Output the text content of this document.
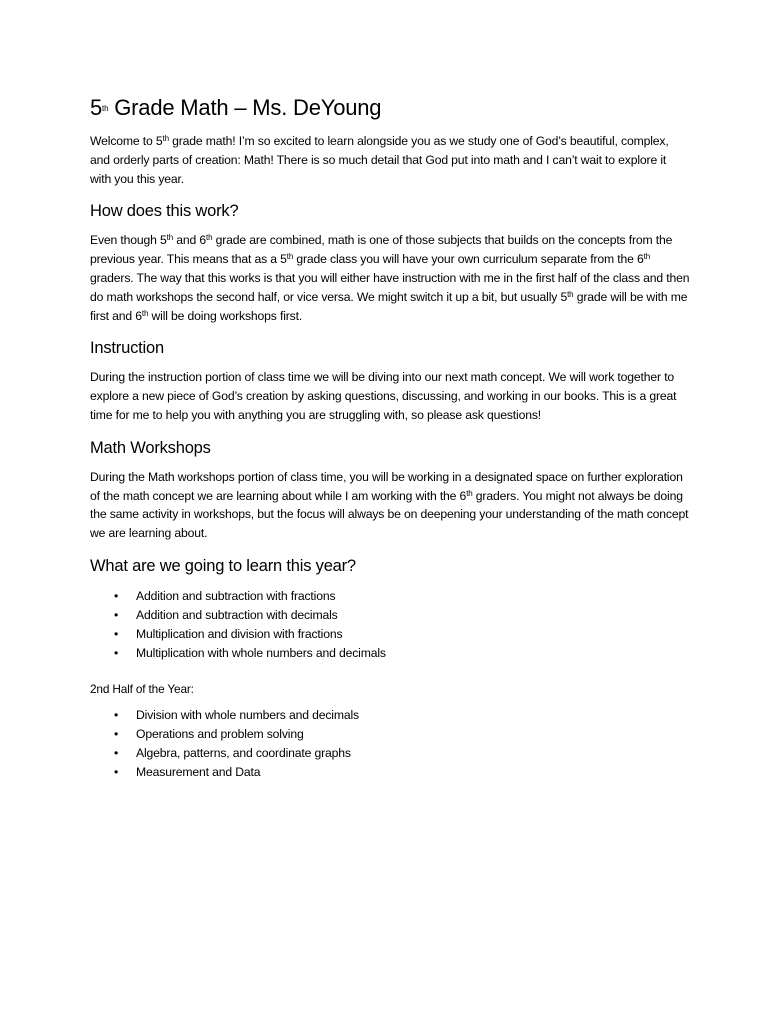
5th Grade Math – Ms. DeYoung

Welcome to 5th grade math! I’m so excited to learn alongside you as we study one of God’s beautiful, complex, and orderly parts of creation: Math! There is so much detail that God put into math and I can’t wait to explore it with you this year.

How does this work?

Even though 5th and 6th grade are combined, math is one of those subjects that builds on the concepts from the previous year. This means that as a 5th grade class you will have your own curriculum separate from the 6th graders. The way that this works is that you will either have instruction with me in the first half of the class and then do math workshops the second half, or vice versa. We might switch it up a bit, but usually 5th grade will be with me first and 6th will be doing workshops first.

Instruction

During the instruction portion of class time we will be diving into our next math concept. We will work together to explore a new piece of God’s creation by asking questions, discussing, and working in our books. This is a great time for me to help you with anything you are struggling with, so please ask questions!

Math Workshops

During the Math workshops portion of class time, you will be working in a designated space on further exploration of the math concept we are learning about while I am working with the 6th graders. You might not always be doing the same activity in workshops, but the focus will always be on deepening your understanding of the math concept we are learning about.

What are we going to learn this year?
• Addition and subtraction with fractions
• Addition and subtraction with decimals
• Multiplication and division with fractions
• Multiplication with whole numbers and decimals

2nd Half of the Year:

• Division with whole numbers and decimals
• Operations and problem solving
• Algebra, patterns, and coordinate graphs
• Measurement and Data
